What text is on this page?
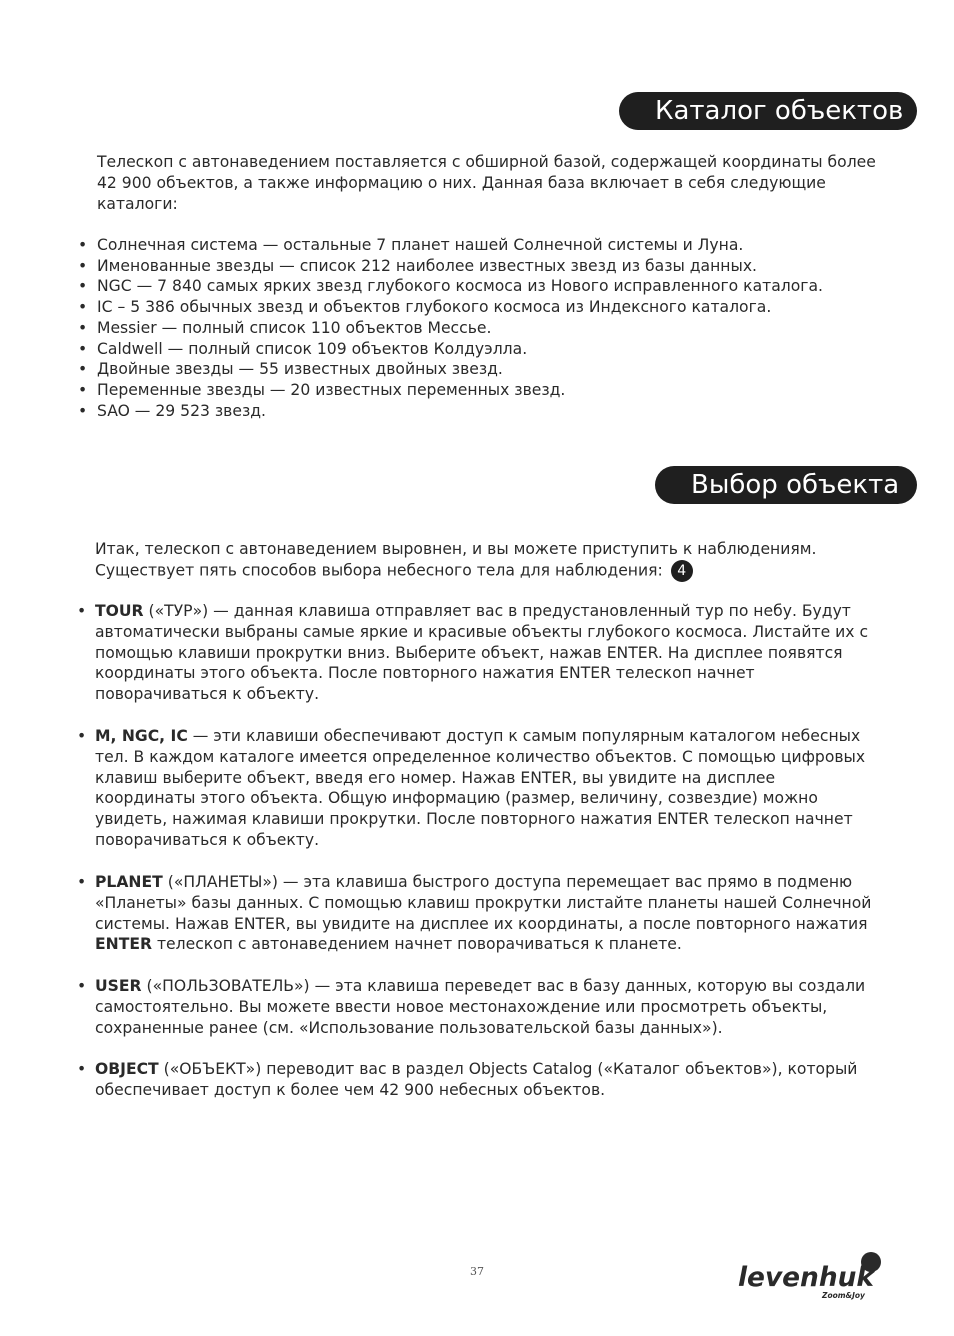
Каталог объектов

Телескоп с автонаведением поставляется с обширной базой, содержащей координаты более 42 900 объектов, а также информацию о них. Данная база включает в себя следующие каталоги:

• Солнечная система — остальные 7 планет нашей Солнечной системы и Луна.
• Именованные звезды — список 212 наиболее известных звезд из базы данных.
• NGC — 7 840 самых ярких звезд глубокого космоса из Нового исправленного каталога.
• IC – 5 386 обычных звезд и объектов глубокого космоса из Индексного каталога.
• Messier — полный список 110 объектов Мессье.
• Caldwell — полный список 109 объектов Колдуэлла.
• Двойные звезды — 55 известных двойных звезд.
• Переменные звезды — 20 известных переменных звезд.
• SAO — 29 523 звезд.
Выбор объекта

Итак, телескоп с автонаведением выровнен, и вы можете приступить к наблюдениям. Существует пять способов выбора небесного тела для наблюдения: 4

• TOUR («ТУР») — данная клавиша отправляет вас в предустановленный тур по небу. Будут автоматически выбраны самые яркие и красивые объекты глубокого космоса. Листайте их с помощью клавиши прокрутки вниз. Выберите объект, нажав ENTER. На дисплее появятся координаты этого объекта. После повторного нажатия ENTER телескоп начнет поворачиваться к объекту.

• M, NGC, IC — эти клавиши обеспечивают доступ к самым популярным каталогом небесных тел. В каждом каталоге имеется определенное количество объектов. С помощью цифровых клавиш выберите объект, введя его номер. Нажав ENTER, вы увидите на дисплее координаты этого объекта. Общую информацию (размер, величину, созвездие) можно увидеть, нажимая клавиши прокрутки. После повторного нажатия ENTER телескоп начнет поворачиваться к объекту.

• PLANET («ПЛАНЕТЫ») — эта клавиша быстрого доступа перемещает вас прямо в подменю «Планеты» базы данных. С помощью клавиш прокрутки листайте планеты нашей Солнечной системы. Нажав ENTER, вы увидите на дисплее их координаты, а после повторного нажатия ENTER телескоп с автонаведением начнет поворачиваться к планете.

• USER («ПОЛЬЗОВАТЕЛЬ») — эта клавиша переведет вас в базу данных, которую вы создали самостоятельно. Вы можете ввести новое местонахождение или просмотреть объекты, сохраненные ранее (см. «Использование пользовательской базы данных»).

• OBJECT («ОБЪЕКТ») переводит вас в раздел Objects Catalog («Каталог объектов»), который обеспечивает доступ к более чем 42 900 небесных объектов.

37	levenhuk
Zoom&Joy
